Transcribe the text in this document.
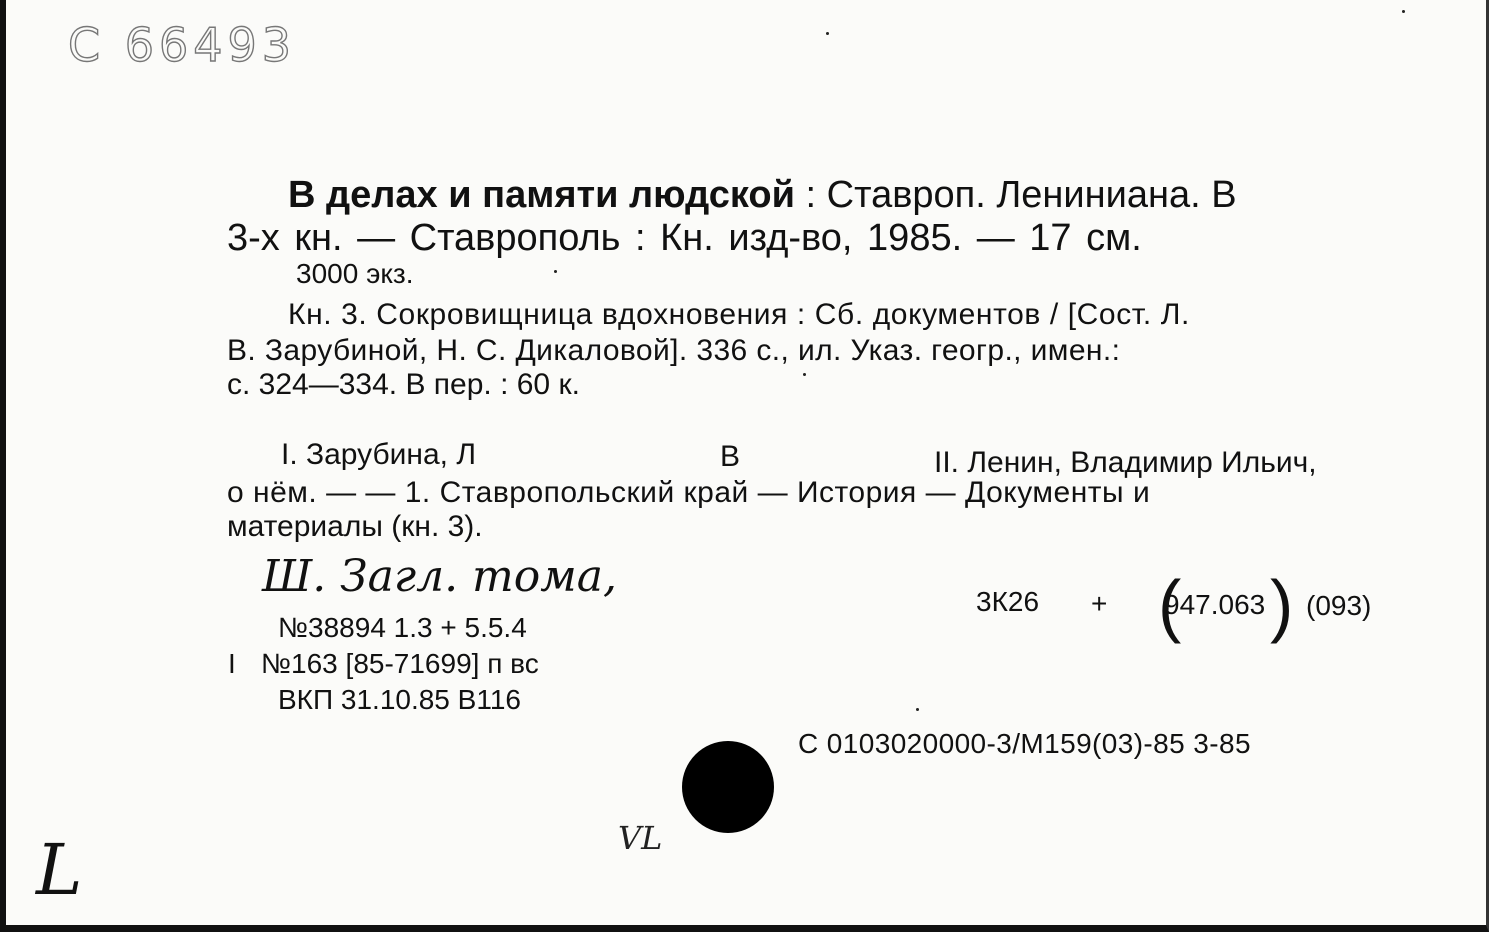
С 66493
В делах и памяти людской : Ставроп. Лениниана. В
3-х кн. — Ставрополь : Кн. изд-во, 1985. — 17 см.
3000 экз.
Кн. 3. Сокровищница вдохновения : Сб. документов / [Сост. Л.
В. Зарубиной, Н. С. Дикаловой]. 336 с., ил. Указ. геогр., имен.:
с. 324—334. В пер. : 60 к.
I. Зарубина, Л	В	II. Ленин, Владимир Ильич,
о нём. — — 1. Ставропольский край — История — Документы и
материалы (кн. 3).
Ш. Загл. тома,
№38894 1.3 + 5.5.4
I №163 [85-71699] п вс
ВКП 31.10.85 В116
3К26 + (
947.063 ) (093)
С 0103020000-3/М159(03)-85 3-85
L	VL
